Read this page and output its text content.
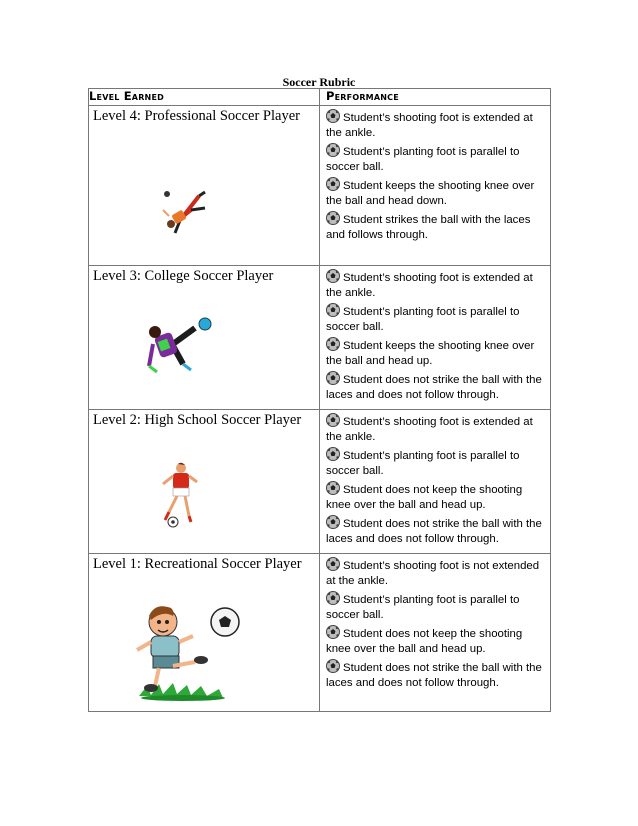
Soccer Rubric
Level Earned	Performance

Level 4: Professional Soccer Player	Student’s shooting foot is extended at the ankle.
Student’s planting foot is parallel to soccer ball.
Student keeps the shooting knee over the ball and head down.
Student strikes the ball with the laces and follows through.

Level 3: College Soccer Player	Student’s shooting foot is extended at the ankle.
Student’s planting foot is parallel to soccer ball.
Student keeps the shooting knee over the ball and head up.
Student does not strike the ball with the laces and does not follow through.

Level 2: High School Soccer Player	Student’s shooting foot is extended at the ankle.
Student’s planting foot is parallel to soccer ball.
Student does not keep the shooting knee over the ball and head up.
Student does not strike the ball with the laces and does not follow through.

Level 1: Recreational Soccer Player	Student’s shooting foot is not extended at the ankle.
Student’s planting foot is parallel to soccer ball.
Student does not keep the shooting knee over the ball and head up.
Student does not strike the ball with the laces and does not follow through.
